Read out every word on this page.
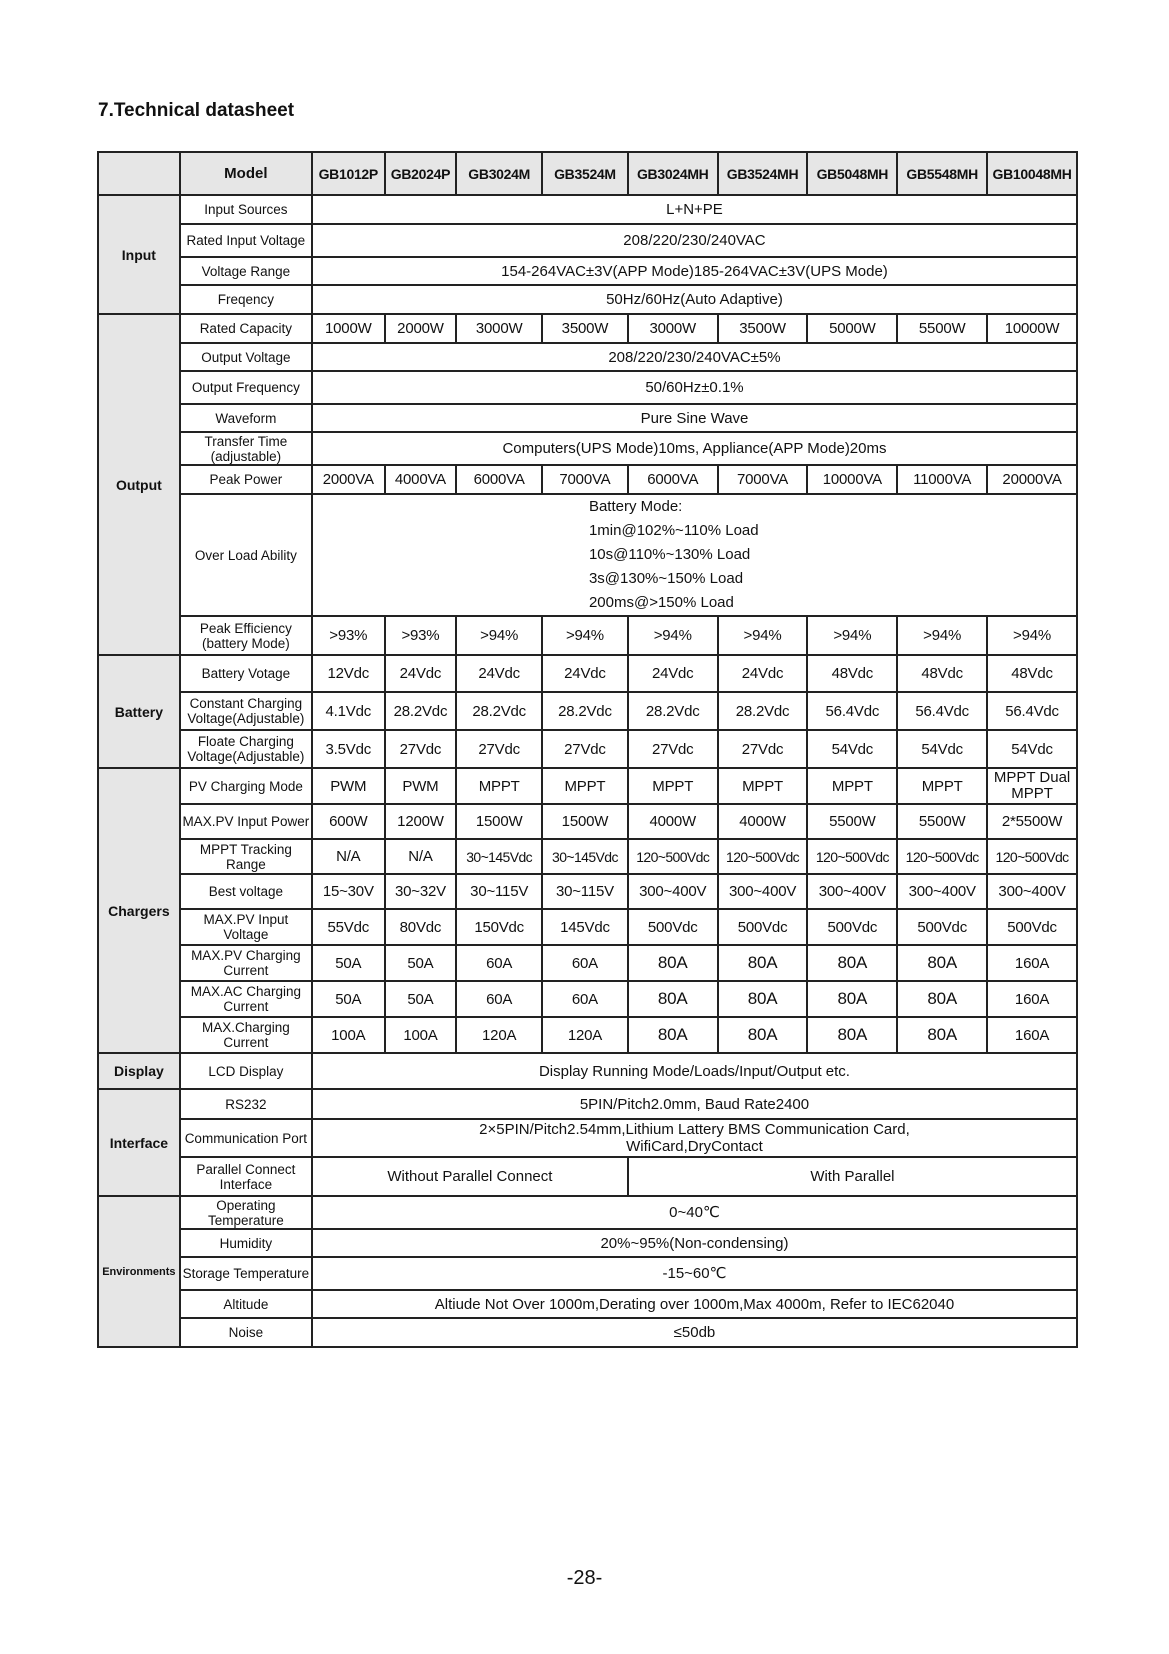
7.Technical datasheet
	Model	GB1012P	GB2024P	GB3024M	GB3524M	GB3024MH	GB3524MH	GB5048MH	GB5548MH	GB10048MH
Input	Input Sources	L+N+PE								
	Rated Input Voltage	208/220/230/240VAC								
	Voltage Range	154-264VAC±3V(APP Mode)185-264VAC±3V(UPS Mode)								
	Freqency	50Hz/60Hz(Auto Adaptive)								
Output	Rated Capacity	1000W	2000W	3000W	3500W	3000W	3500W	5000W	5500W	10000W
	Output Voltage	208/220/230/240VAC±5%								
	Output Frequency	50/60Hz±0.1%								
	Waveform	Pure Sine Wave								
	Transfer Time (adjustable)	Computers(UPS Mode)10ms, Appliance(APP Mode)20ms								
	Peak Power	2000VA	4000VA	6000VA	7000VA	6000VA	7000VA	10000VA	11000VA	20000VA
	Over Load Ability	Battery Mode:
1min@102%~110% Load
10s@110%~130% Load
3s@130%~150% Load
200ms@>150% Load								

	Peak Efficiency (battery Mode)	>93%	>93%	>94%	>94%	>94%	>94%	>94%	>94%	>94%
Battery	Battery Votage	12Vdc	24Vdc	24Vdc	24Vdc	24Vdc	24Vdc	48Vdc	48Vdc	48Vdc
	Constant Charging Voltage(Adjustable)	4.1Vdc	28.2Vdc	28.2Vdc	28.2Vdc	28.2Vdc	28.2Vdc	56.4Vdc	56.4Vdc	56.4Vdc
	Floate Charging Voltage(Adjustable)	3.5Vdc	27Vdc	27Vdc	27Vdc	27Vdc	27Vdc	54Vdc	54Vdc	54Vdc
Chargers	PV Charging Mode	PWM	PWM	MPPT	MPPT	MPPT	MPPT	MPPT	MPPT	MPPT Dual MPPT
	MAX.PV Input Power	600W	1200W	1500W	1500W	4000W	4000W	5500W	5500W	2*5500W
	MPPT Tracking Range	N/A	N/A	30~145Vdc	30~145Vdc	120~500Vdc	120~500Vdc	120~500Vdc	120~500Vdc	120~500Vdc
	Best voltage	15~30V	30~32V	30~115V	30~115V	300~400V	300~400V	300~400V	300~400V	300~400V
	MAX.PV Input Voltage	55Vdc	80Vdc	150Vdc	145Vdc	500Vdc	500Vdc	500Vdc	500Vdc	500Vdc
	MAX.PV Charging Current	50A	50A	60A	60A	80A	80A	80A	80A	160A
	MAX.AC Charging Current	50A	50A	60A	60A	80A	80A	80A	80A	160A
	MAX.Charging Current	100A	100A	120A	120A	80A	80A	80A	80A	160A
Display	LCD Display	Display Running Mode/Loads/Input/Output etc.								
Interface	RS232	5PIN/Pitch2.0mm, Baud Rate2400								
	Communication Port	2×5PIN/Pitch2.54mm,Lithium Lattery BMS Communication Card,
WifiCard,DryContact								

	Parallel Connect Interface	Without Parallel Connect				With Parallel				
Environments	Operating Temperature	0~40℃								
	Humidity	20%~95%(Non-condensing)								
	Storage Temperature	-15~60℃								
	Altitude	Altiude Not Over 1000m,Derating over 1000m,Max 4000m, Refer to IEC62040								
	Noise	≤50db								
-28-
